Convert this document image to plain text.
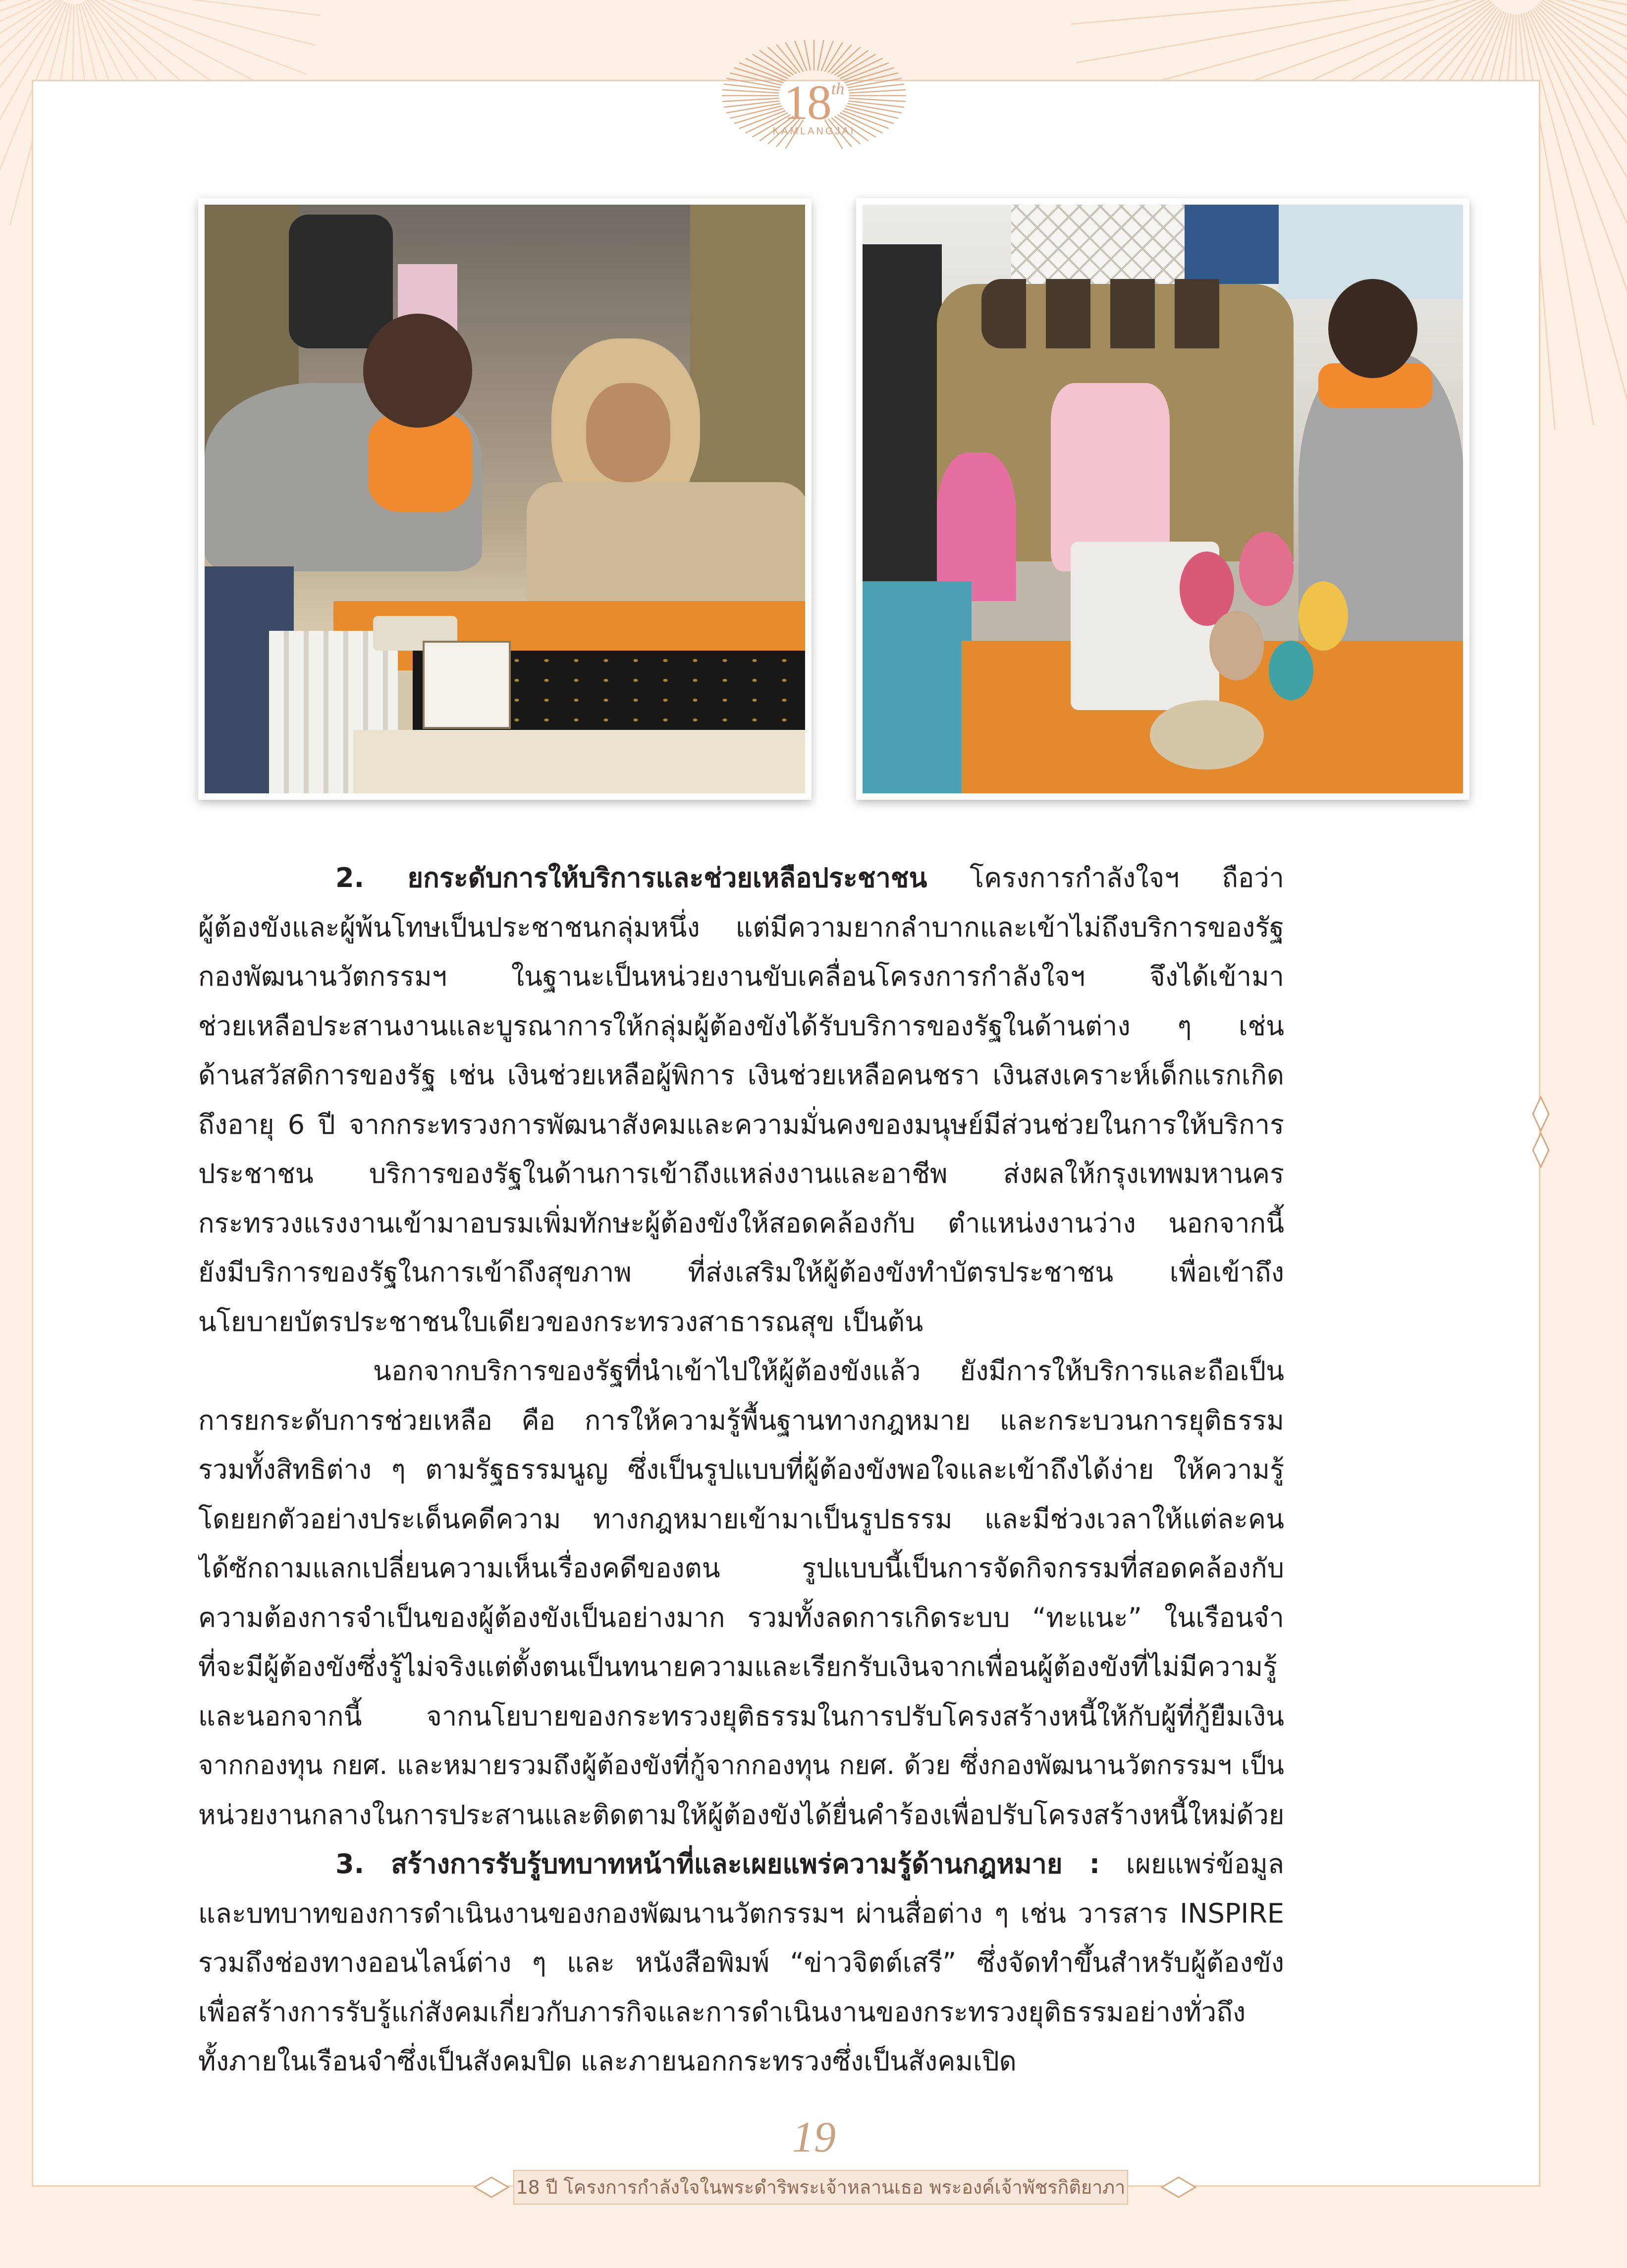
18th
KAMLANGJAI
2. ยกระดับการให้บริการและช่วยเหลือประชาชน โครงการกำลังใจฯ ถือว่า
ผู้ต้องขังและผู้พ้นโทษเป็นประชาชนกลุ่มหนึ่ง แต่มีความยากลำบากและเข้าไม่ถึงบริการของรัฐ
กองพัฒนานวัตกรรมฯ ในฐานะเป็นหน่วยงานขับเคลื่อนโครงการกำลังใจฯ จึงได้เข้ามา
ช่วยเหลือประสานงานและบูรณาการให้กลุ่มผู้ต้องขังได้รับบริการของรัฐในด้านต่าง ๆ เช่น
ด้านสวัสดิการของรัฐ เช่น เงินช่วยเหลือผู้พิการ เงินช่วยเหลือคนชรา เงินสงเคราะห์เด็กแรกเกิด
ถึงอายุ 6 ปี จากกระทรวงการพัฒนาสังคมและความมั่นคงของมนุษย์มีส่วนช่วยในการให้บริการ
ประชาชน บริการของรัฐในด้านการเข้าถึงแหล่งงานและอาชีพ ส่งผลให้กรุงเทพมหานคร
กระทรวงแรงงานเข้ามาอบรมเพิ่มทักษะผู้ต้องขังให้สอดคล้องกับ ตำแหน่งงานว่าง นอกจากนี้
ยังมีบริการของรัฐในการเข้าถึงสุขภาพ ที่ส่งเสริมให้ผู้ต้องขังทำบัตรประชาชน เพื่อเข้าถึง
นโยบายบัตรประชาชนใบเดียวของกระทรวงสาธารณสุข เป็นต้น
นอกจากบริการของรัฐที่นำเข้าไปให้ผู้ต้องขังแล้ว ยังมีการให้บริการและถือเป็น
การยกระดับการช่วยเหลือ คือ การให้ความรู้พื้นฐานทางกฎหมาย และกระบวนการยุติธรรม
รวมทั้งสิทธิต่าง ๆ ตามรัฐธรรมนูญ ซึ่งเป็นรูปแบบที่ผู้ต้องขังพอใจและเข้าถึงได้ง่าย ให้ความรู้
โดยยกตัวอย่างประเด็นคดีความ ทางกฎหมายเข้ามาเป็นรูปธรรม และมีช่วงเวลาให้แต่ละคน
ได้ซักถามแลกเปลี่ยนความเห็นเรื่องคดีของตน รูปแบบนี้เป็นการจัดกิจกรรมที่สอดคล้องกับ
ความต้องการจำเป็นของผู้ต้องขังเป็นอย่างมาก รวมทั้งลดการเกิดระบบ “ทะแนะ” ในเรือนจำ
ที่จะมีผู้ต้องขังซึ่งรู้ไม่จริงแต่ตั้งตนเป็นทนายความและเรียกรับเงินจากเพื่อนผู้ต้องขังที่ไม่มีความรู้
และนอกจากนี้ จากนโยบายของกระทรวงยุติธรรมในการปรับโครงสร้างหนี้ให้กับผู้ที่กู้ยืมเงิน
จากกองทุน กยศ. และหมายรวมถึงผู้ต้องขังที่กู้จากกองทุน กยศ. ด้วย ซึ่งกองพัฒนานวัตกรรมฯ เป็น
หน่วยงานกลางในการประสานและติดตามให้ผู้ต้องขังได้ยื่นคำร้องเพื่อปรับโครงสร้างหนี้ใหม่ด้วย
3. สร้างการรับรู้บทบาทหน้าที่และเผยแพร่ความรู้ด้านกฎหมาย : เผยแพร่ข้อมูล
และบทบาทของการดำเนินงานของกองพัฒนานวัตกรรมฯ ผ่านสื่อต่าง ๆ เช่น วารสาร INSPIRE
รวมถึงช่องทางออนไลน์ต่าง ๆ และ หนังสือพิมพ์ “ข่าวจิตต์เสรี” ซึ่งจัดทำขึ้นสำหรับผู้ต้องขัง
เพื่อสร้างการรับรู้แก่สังคมเกี่ยวกับภารกิจและการดำเนินงานของกระทรวงยุติธรรมอย่างทั่วถึง
ทั้งภายในเรือนจำซึ่งเป็นสังคมปิด และภายนอกกระทรวงซึ่งเป็นสังคมเปิด
19
18 ปี โครงการกำลังใจในพระดำริพระเจ้าหลานเธอ พระองค์เจ้าพัชรกิติยาภา
